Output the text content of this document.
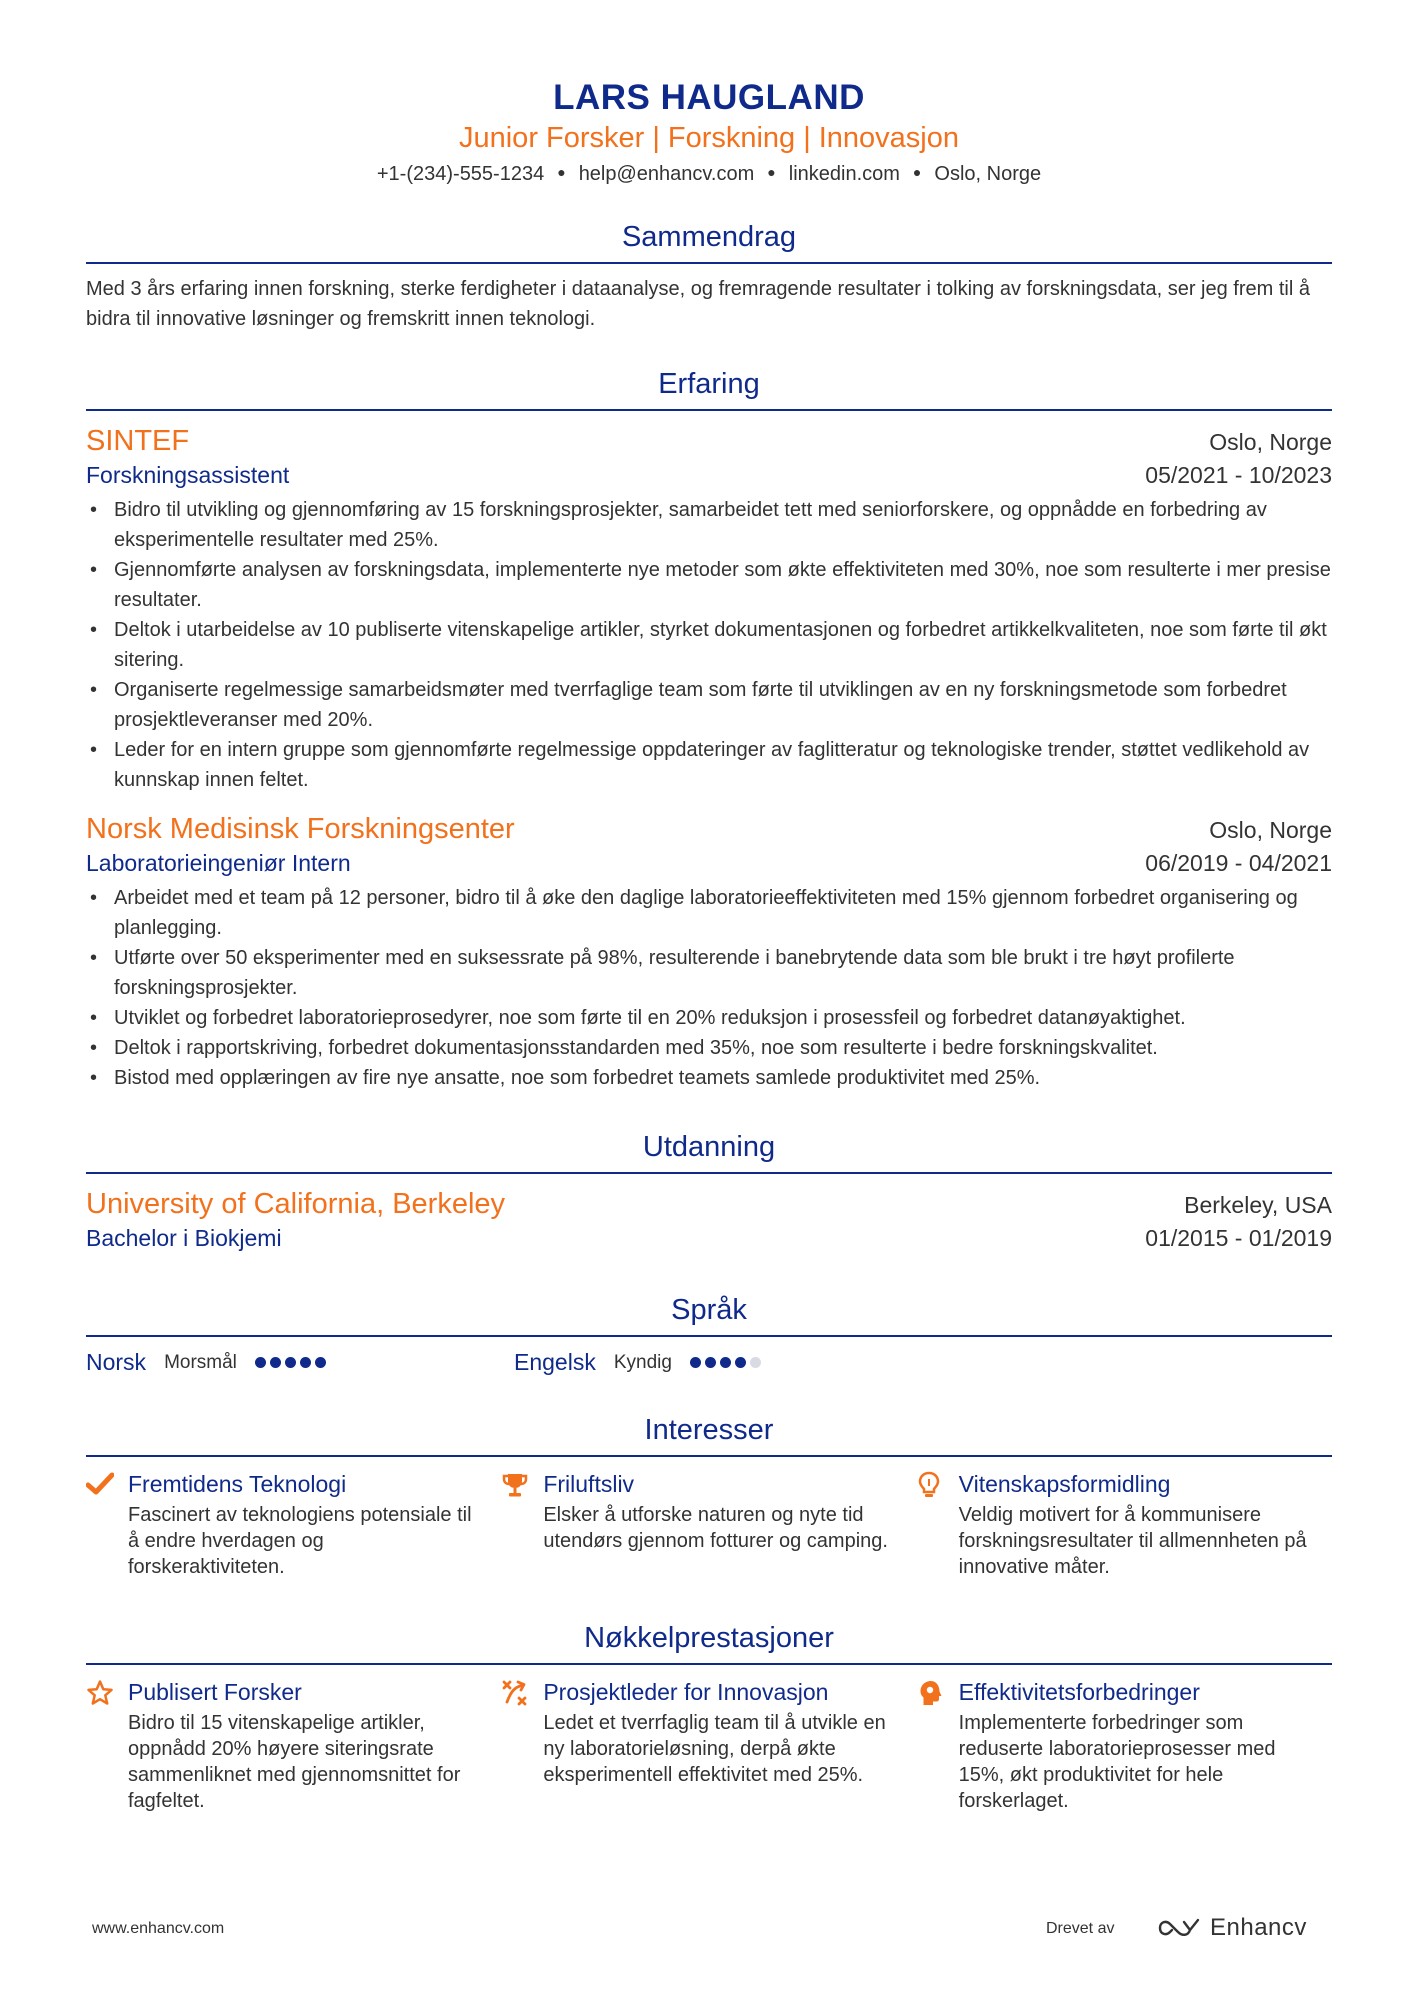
LARS HAUGLAND
Junior Forsker | Forskning | Innovasjon
+1-(234)-555-1234 ● help@enhancv.com ● linkedin.com ● Oslo, Norge
Sammendrag
Med 3 års erfaring innen forskning, sterke ferdigheter i dataanalyse, og fremragende resultater i tolking av forskningsdata, ser jeg frem til å bidra til innovative løsninger og fremskritt innen teknologi.
Erfaring
SINTEF	Oslo, Norge
Forskningsassistent	05/2021 - 10/2023
• Bidro til utvikling og gjennomføring av 15 forskningsprosjekter, samarbeidet tett med seniorforskere, og oppnådde en forbedring av eksperimentelle resultater med 25%.
• Gjennomførte analysen av forskningsdata, implementerte nye metoder som økte effektiviteten med 30%, noe som resulterte i mer presise resultater.
• Deltok i utarbeidelse av 10 publiserte vitenskapelige artikler, styrket dokumentasjonen og forbedret artikkelkvaliteten, noe som førte til økt sitering.
• Organiserte regelmessige samarbeidsmøter med tverrfaglige team som førte til utviklingen av en ny forskningsmetode som forbedret prosjektleveranser med 20%.
• Leder for en intern gruppe som gjennomførte regelmessige oppdateringer av faglitteratur og teknologiske trender, støttet vedlikehold av kunnskap innen feltet.
Norsk Medisinsk Forskningsenter	Oslo, Norge
Laboratorieingeniør Intern	06/2019 - 04/2021
• Arbeidet med et team på 12 personer, bidro til å øke den daglige laboratorieeffektiviteten med 15% gjennom forbedret organisering og planlegging.
• Utførte over 50 eksperimenter med en suksessrate på 98%, resulterende i banebrytende data som ble brukt i tre høyt profilerte forskningsprosjekter.
• Utviklet og forbedret laboratorieprosedyrer, noe som førte til en 20% reduksjon i prosessfeil og forbedret datanøyaktighet.
• Deltok i rapportskriving, forbedret dokumentasjonsstandarden med 35%, noe som resulterte i bedre forskningskvalitet.
• Bistod med opplæringen av fire nye ansatte, noe som forbedret teamets samlede produktivitet med 25%.
Utdanning
University of California, Berkeley	Berkeley, USA
Bachelor i Biokjemi	01/2015 - 01/2019
Språk
Norsk Morsmål	Engelsk Kyndig
Interesser
Fremtidens Teknologi
Fascinert av teknologiens potensiale til å endre hverdagen og forskeraktiviteten.
Friluftsliv
Elsker å utforske naturen og nyte tid utendørs gjennom fotturer og camping.
Vitenskapsformidling
Veldig motivert for å kommunisere forskningsresultater til allmennheten på innovative måter.
Nøkkelprestasjoner
Publisert Forsker
Bidro til 15 vitenskapelige artikler, oppnådd 20% høyere siteringsrate sammenliknet med gjennomsnittet for fagfeltet.
Prosjektleder for Innovasjon
Ledet et tverrfaglig team til å utvikle en ny laboratorieløsning, derpå økte eksperimentell effektivitet med 25%.
Effektivitetsforbedringer
Implementerte forbedringer som reduserte laboratorieprosesser med 15%, økt produktivitet for hele forskerlaget.
www.enhancv.com	Drevet av	Enhancv
